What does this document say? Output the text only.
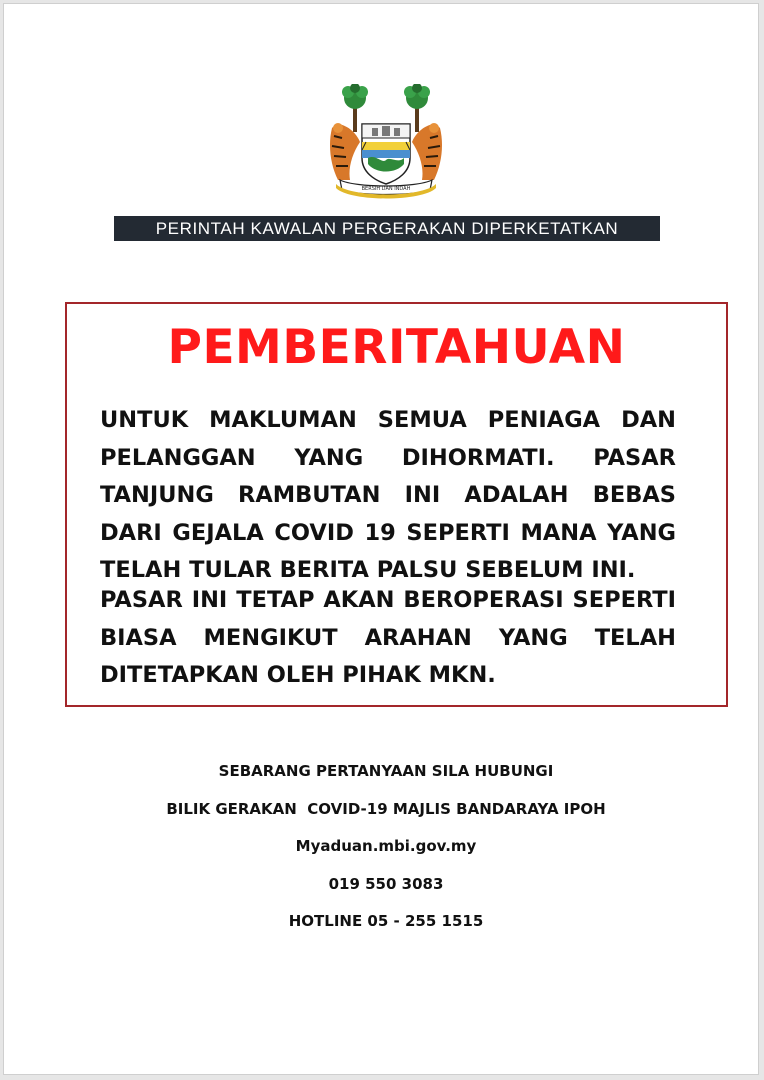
BERSIH DAN INDAH
PERINTAH KAWALAN PERGERAKAN DIPERKETATKAN
PEMBERITAHUAN
UNTUK MAKLUMAN SEMUA PENIAGA DAN PELANGGAN YANG DIHORMATI. PASAR TANJUNG RAMBUTAN INI ADALAH BEBAS DARI GEJALA COVID 19 SEPERTI MANA YANG TELAH TULAR BERITA PALSU SEBELUM INI.
PASAR INI TETAP AKAN BEROPERASI SEPERTI BIASA MENGIKUT ARAHAN YANG TELAH DITETAPKAN OLEH PIHAK MKN.
SEBARANG PERTANYAAN SILA HUBUNGI
BILIK GERAKAN  COVID-19 MAJLIS BANDARAYA IPOH
Myaduan.mbi.gov.my
019 550 3083
HOTLINE 05 - 255 1515
